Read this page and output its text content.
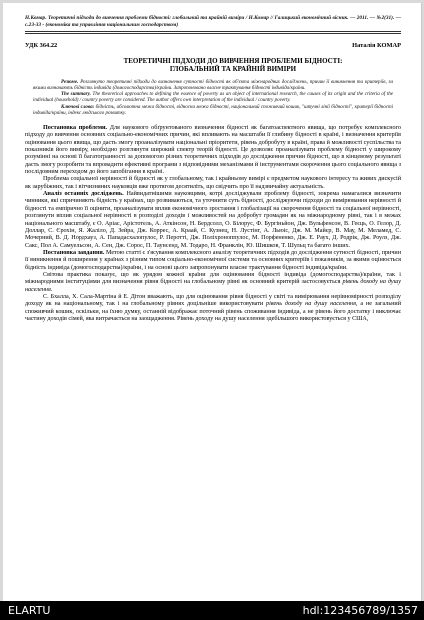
Н.Комар. Теоретичні підходи до вивчення проблеми бідності: глобальний та крайній виміри / Н.Комар // Галицький економічний вісник. — 2011. — №2(31). — с.23-33 - (економіка та управління національним господарством)
УДК 364.22	Наталія КОМАР
ТЕОРЕТИЧНІ ПІДХОДИ ДО ВИВЧЕННЯ ПРОБЛЕМИ БІДНОСТІ:
ГЛОБАЛЬНИЙ ТА КРАЙНІЙ ВИМІРИ

Резюме. Розглянуто теоретичні підходи до визначення сутності бідності як об'єкта міжнародних досліджень, причин її виникнення та критеріїв, за якими визначають бідність індивіда (домогосподарства)/країни. Запропоновано власне трактування бідності індивіда/країни.

The summary. The theoretical approaches to defining the essence of poverty as an object of international research, the causes of its origin and the criteria of the individual (household) / country poverty are considered. The author offers own interpretation of the individual / country poverty.

Ключові слова: бідність, абсолютна межа бідності, відносна межа бідності, національний споживчий кошик, "штучні лінії бідності", критерії бідності індивіда/країни, індекс людського розвитку.

Постановка проблеми. Для наукового обґрунтованого визначення бідності як багатоаспектного явища, що потребує комплексного підходу до вивчення основних соціально-економічних причин, які впливають на масштаби її глибину бідності в країні, і визначення критеріїв оцінювання цього явища, що дасть змогу проаналізувати національні пріоритети, рівень добробуту в країні, права й можливості суспільства та показників його виміру, необхідно розглянути широкий спектр теорій бідності. Це дозволяє проаналізувати проблему бідності у широкому розумінні на основі її багатогранності за допомогою різних теоретичних підходів до дослідження причин бідності, що в кінцевому результаті дасть змогу розробити та впровадити ефективні програми з відповідними механізмами й інструментами скорочення цього соціального явища з послідовним переходом до його запобігання в країні.

Проблема соціальної нерівності й бідності як у глобальному, так і крайньому вимірі є предметом наукового інтересу та живих дискусій як зарубіжних, так і вітчизняних науковців вже протягом десятиліть, що свідчить про її надзвичайну актуальність.

Аналіз останніх досліджень. Найвидатнішими науковцями, котрі досліджували проблему бідності, зокрема намагалися визначити чинники, які спричиняють бідність у країнах, що розвиваються, та уточнити суть бідності, досліджуючи підходи до вимірювання нерівності й бідності та емпірично її оцінити, проаналізувати вплив економічного зростання і глобалізації на скорочення бідності та соціальної нерівності, розглянути вплив соціальної нерівності в розподілі доходів і можливостей на добробут громадян як на міжнародному рівні, так і в межах національного масштабу, є О. Аріас, Арістотель, А. Аткінсон, Н. Бердсолл, О. Білорус, Ф. Бургіньйон, Дж. Вульфенсон, В. Геєць, О. Гелор, Д. Доллар, С. Єрохін, Я. Жаліло, Д. Зейра, Дж. Коррес, А. Краай, С. Кузнец, Н. Лустінг, А. Льюіс, Дж. М. Майєр, В. Мау, М. Меламед, С. Мочерний, В. Д. Нордхауз, А. Пападасхалопулос, Р. Перотті, Дж. Поліхроноппулос, М. Порфененко, Дж. Е. Раух, Д. Родрік, Дж. Роулз, Дж. Сакс, Пол А. Самуельсон, А. Сен, Дж. Сорос, П. Таунсенд, М. Тодаро, Н. Франклін, Ю. Шишков, Т. Шульц та багато інших.

Постановка завдання. Метою статті є з'ясування комплексного аналізу теоретичних підходів до дослідження сутності бідності, причин її виникнення й поширення у країнах з різним типом соціально-економічної системи та основних критеріїв і показників, за якими оцінюється бідність індивіда (домогосподарства)/країни, і на основі цього запропонувати власне трактування бідності індивіда/країни.

Світова практика показує, що як урядом кожної країни для оцінювання бідності індивіда (домогосподарства)/країни, так і міжнародними інституціями для визначення рівня бідності на глобальному рівні як основний критерій застосовується рівень доходу на душу населення.

С. Бхалла, Х. Сала-Мартіна й Е. Дітон вважають, що для оцінювання рівня бідності у світі та вимірювання нерівномірності розподілу доходу як на національному, так і на глобальному рівнях доцільніше використовувати рівень доходу на душу населення, а не загальний споживчий кошик, оскільки, на їхню думку, останній відображає поточний рівень споживання індивіда, а не рівень його достатку і виключає частину доходів сімей, яка витрачається на заощадження. Рівень доходу на душу населення здебільшого використовується у США,

ELARTU	hdl:123456789/1357
